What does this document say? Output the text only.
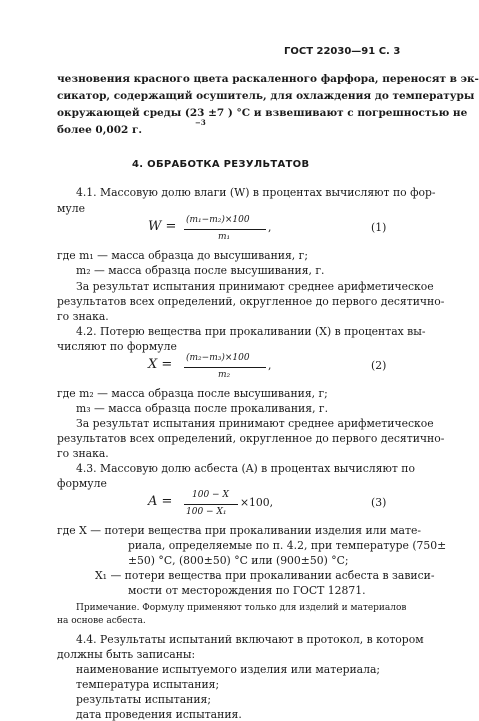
ГОСТ 22030—91 С. 3
чезновения красного цвета раскаленного фарфора, переносят в эк-
сикатор, содержащий осушитель, для охлаждения до температуры
окружающей среды (23 ±7 ) °С и взвешивают с погрешностью не
−3
более 0,002 г.
4. ОБРАБОТКА РЕЗУЛЬТАТОВ
4.1. Массовую долю влаги (W) в процентах вычисляют по фор-
муле
W = (m₁−m₂)×100
m₁
,	(1)
где m₁ — масса образца до высушивания, г;
m₂ — масса образца после высушивания, г.
За результат испытания принимают среднее арифметическое
результатов всех определений, округленное до первого десятично-
го знака.
4.2. Потерю вещества при прокаливании (X) в процентах вы-
числяют по формуле
X = (m₂−m₃)×100
m₂
,	(2)
где m₂ — масса образца после высушивания, г;
m₃ — масса образца после прокаливания, г.
За результат испытания принимают среднее арифметическое
результатов всех определений, округленное до первого десятично-
го знака.
4.3. Массовую долю асбеста (A) в процентах вычисляют по
формуле
A = 100 − X
100 − X₁
×100,	(3)
где X — потери вещества при прокаливании изделия или мате-
риала, определяемые по п. 4.2, при температуре (750±
±50) °С, (800±50) °С или (900±50) °С;
X₁ — потери вещества при прокаливании асбеста в зависи-
мости от месторождения по ГОСТ 12871.
Примечание. Формулу применяют только для изделий и материалов
на основе асбеста.
4.4. Результаты испытаний включают в протокол, в котором
должны быть записаны:
наименование испытуемого изделия или материала;
температура испытания;
результаты испытания;
дата проведения испытания.
